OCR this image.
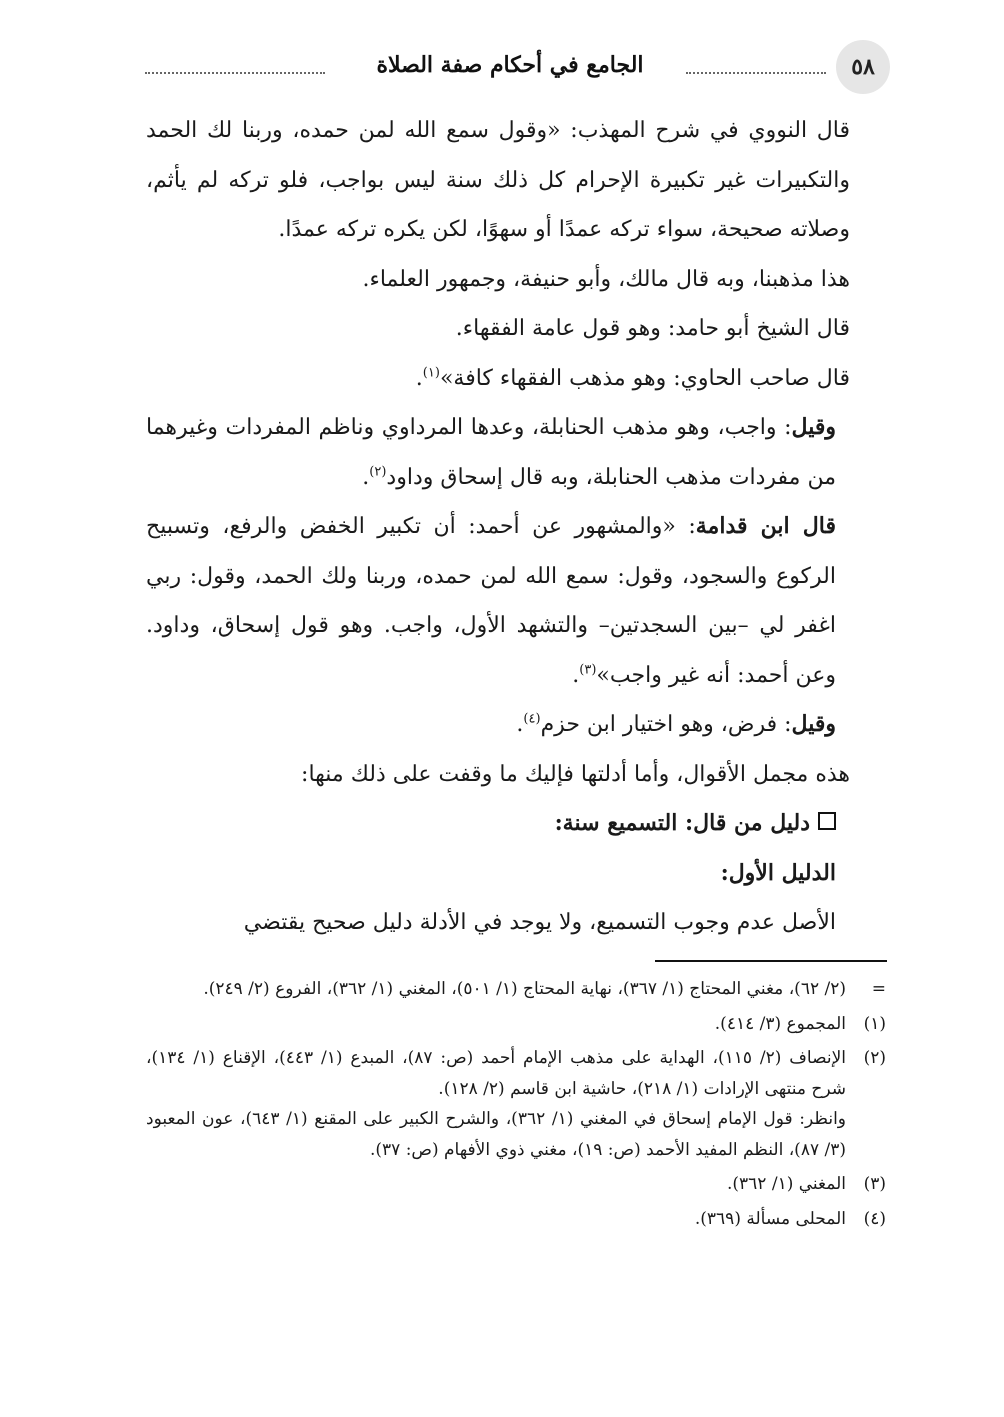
٥٨
الجامع في أحكام صفة الصلاة

قال النووي في شرح المهذب: «وقول سمع الله لمن حمده، وربنا لك الحمد والتكبيرات غير تكبيرة الإحرام كل ذلك سنة ليس بواجب، فلو تركه لم يأثم، وصلاته صحيحة، سواء تركه عمدًا أو سهوًا، لكن يكره تركه عمدًا.

هذا مذهبنا، وبه قال مالك، وأبو حنيفة، وجمهور العلماء.

قال الشيخ أبو حامد: وهو قول عامة الفقهاء.

قال صاحب الحاوي: وهو مذهب الفقهاء كافة»$^{(١)}$.

وقيل: واجب، وهو مذهب الحنابلة، وعدها المرداوي وناظم المفردات وغيرهما من مفردات مذهب الحنابلة، وبه قال إسحاق وداود$^{(٢)}$.

قال ابن قدامة: «والمشهور عن أحمد: أن تكبير الخفض والرفع، وتسبيح الركوع والسجود، وقول: سمع الله لمن حمده، وربنا ولك الحمد، وقول: ربي اغفر لي –بين السجدتين– والتشهد الأول، واجب. وهو قول إسحاق، وداود. وعن أحمد: أنه غير واجب»$^{(٣)}$.

وقيل: فرض، وهو اختيار ابن حزم$^{(٤)}$.

هذه مجمل الأقوال، وأما أدلتها فإليك ما وقفت على ذلك منها:

دليل من قال: التسميع سنة:

الدليل الأول:

الأصل عدم وجوب التسميع، ولا يوجد في الأدلة دليل صحيح يقتضي

=
(٢/ ٦٢)، مغني المحتاج (١/ ٣٦٧)، نهاية المحتاج (١/ ٥٠١)، المغني (١/ ٣٦٢)، الفروع (٢/ ٢٤٩).
(١)
المجموع (٣/ ٤١٤).
(٢)
الإنصاف (٢/ ١١٥)، الهداية على مذهب الإمام أحمد (ص: ٨٧)، المبدع (١/ ٤٤٣)، الإقناع (١/ ١٣٤)، شرح منتهى الإرادات (١/ ٢١٨)، حاشية ابن قاسم (٢/ ١٢٨).
وانظر: قول الإمام إسحاق في المغني (١/ ٣٦٢)، والشرح الكبير على المقنع (١/ ٦٤٣)، عون المعبود (٣/ ٨٧)، النظم المفيد الأحمد (ص: ١٩)، مغني ذوي الأفهام (ص: ٣٧).
(٣)
المغني (١/ ٣٦٢).
(٤)
المحلى مسألة (٣٦٩).
